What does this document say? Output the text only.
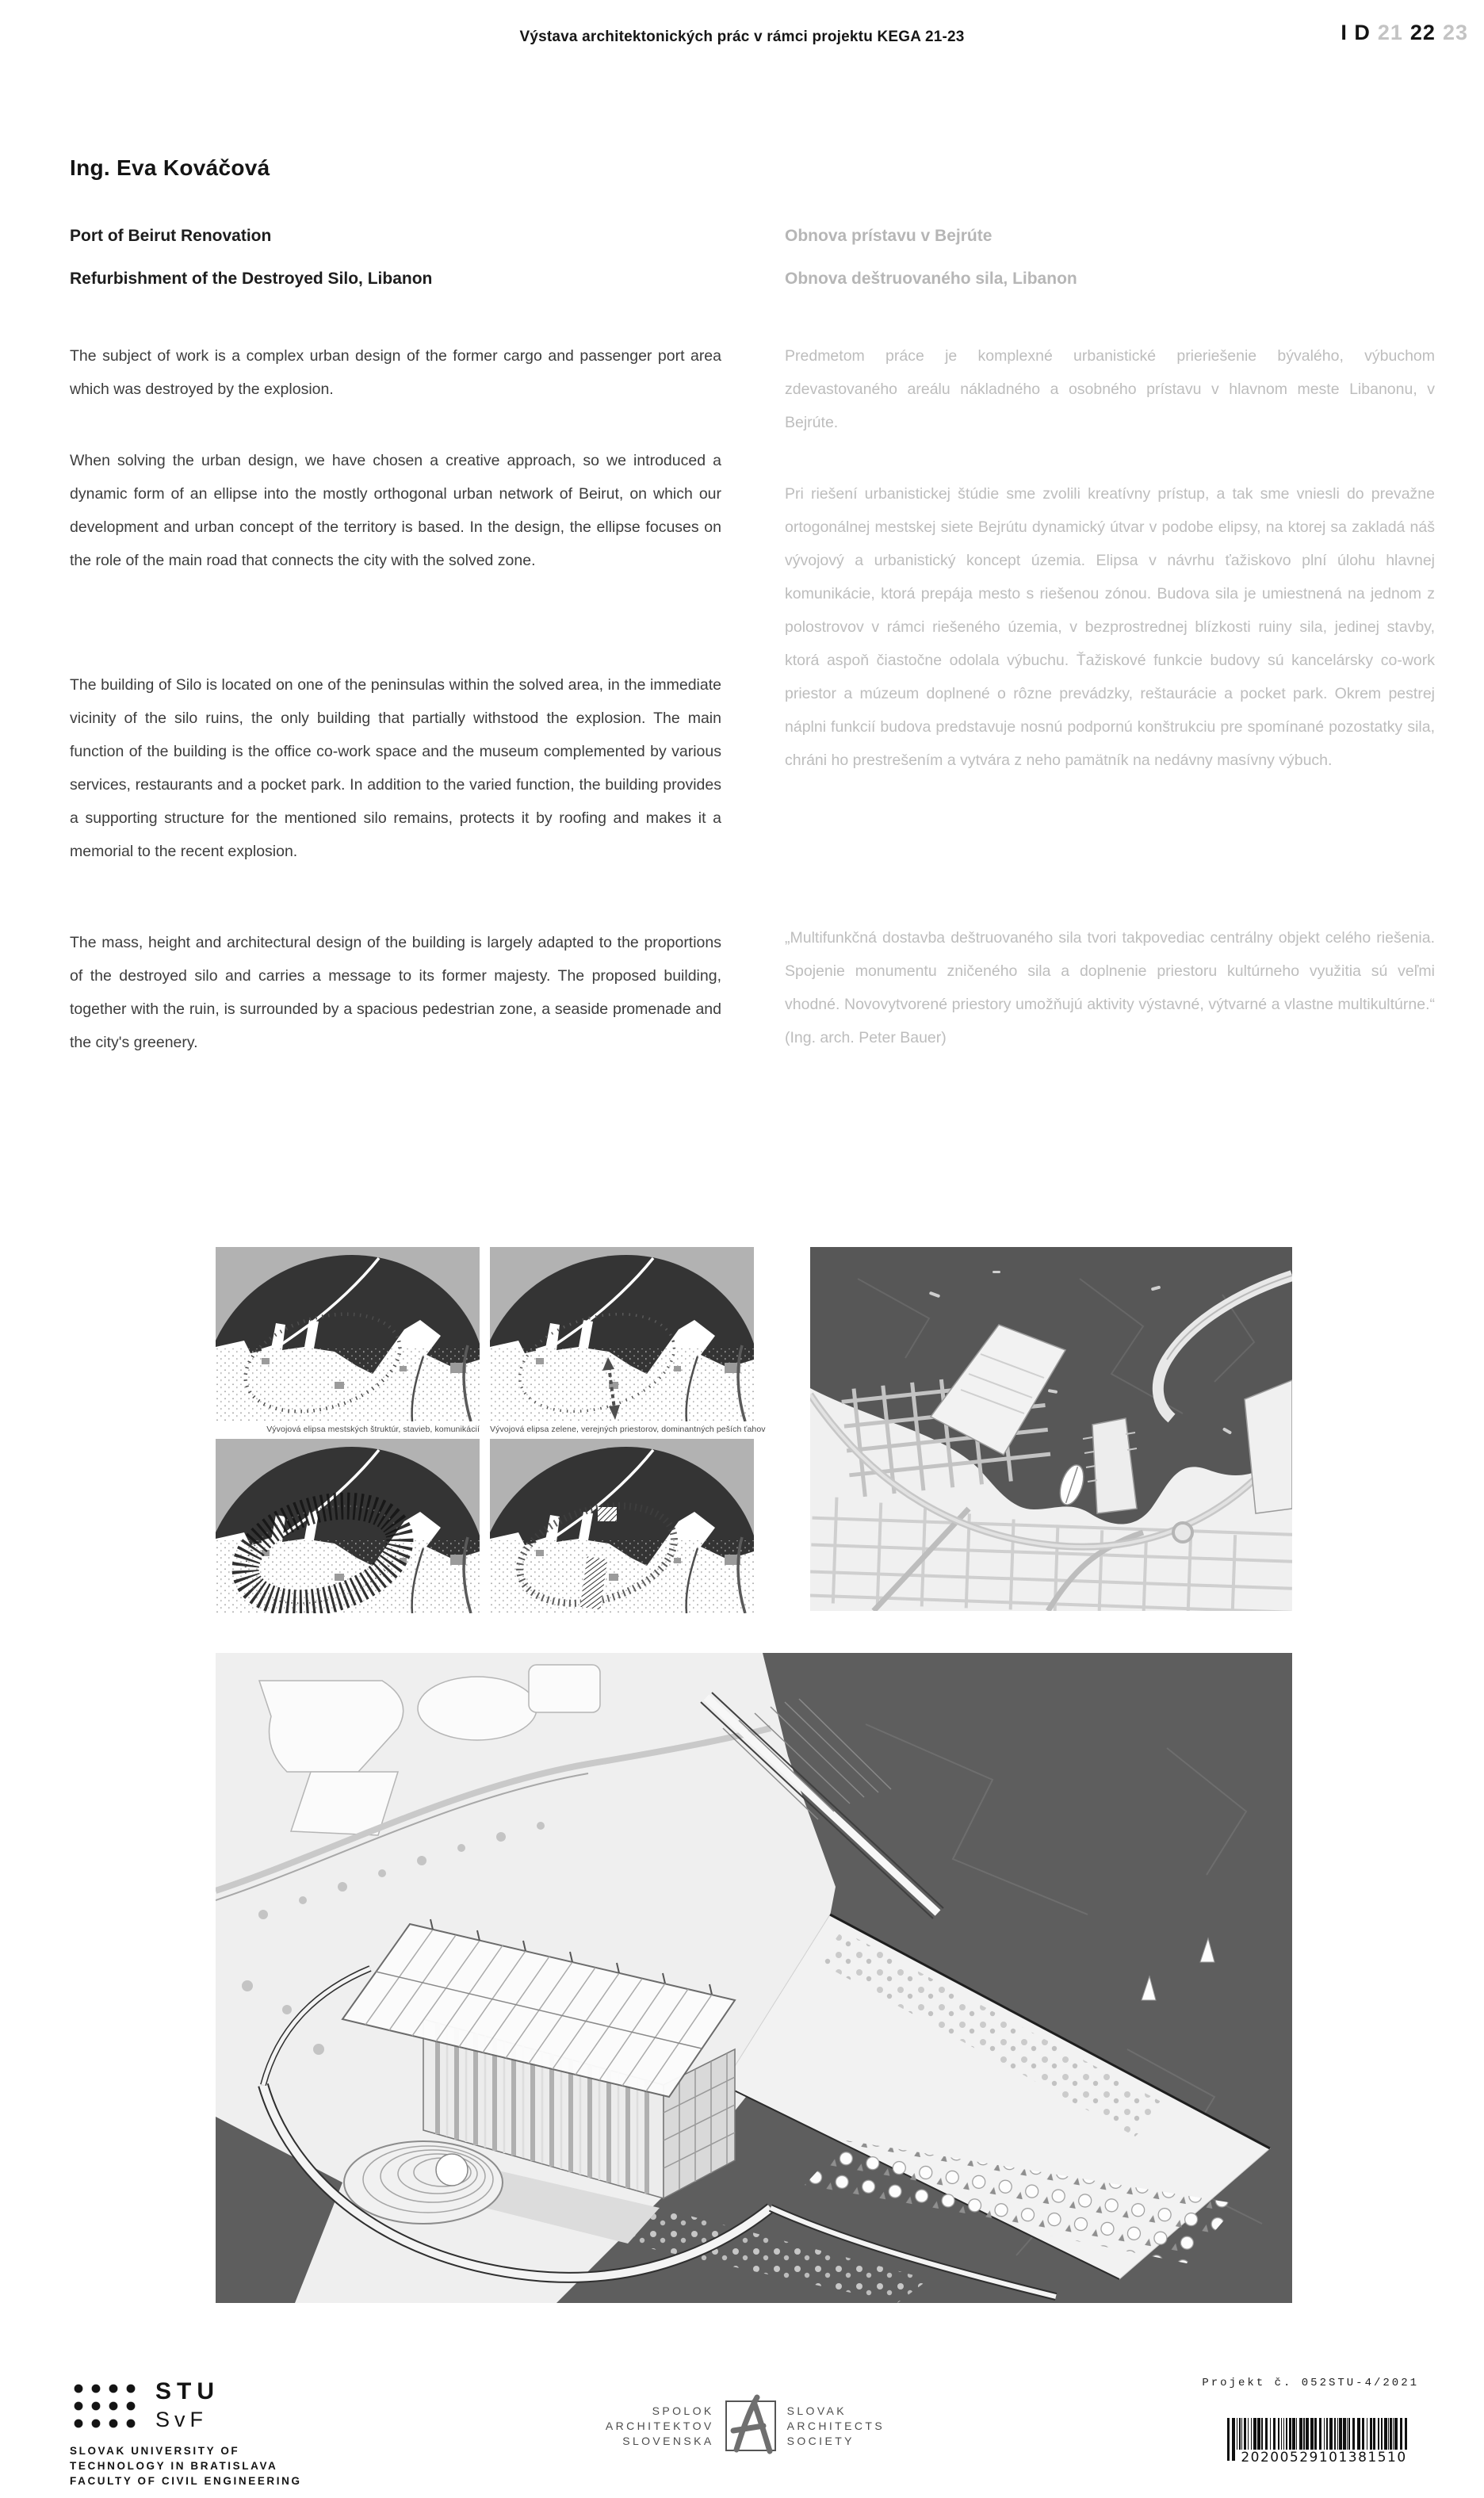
Výstava architektonických prác v rámci projektu KEGA 21-23	I D 21 22 23
Ing. Eva Kováčová
Port of Beirut Renovation
Refurbishment of the Destroyed Silo, Libanon
Obnova prístavu v Bejrúte
Obnova deštruovaného sila, Libanon

The subject of work is a complex urban design of the former cargo and passenger port area which was destroyed by the explosion.

When solving the urban design, we have chosen a creative approach, so we introduced a dynamic form of an ellipse into the mostly orthogonal urban network of Beirut, on which our development and urban concept of the territory is based. In the design, the ellipse focuses on the role of the main road that connects the city with the solved zone.

The building of Silo is located on one of the peninsulas within the solved area, in the immediate vicinity of the silo ruins, the only building that partially withstood the explosion. The main function of the building is the office co-work space and the museum complemented by various services, restaurants and a pocket park. In addition to the varied function, the building provides a supporting structure for the mentioned silo remains, protects it by roofing and makes it a memorial to the recent explosion.

The mass, height and architectural design of the building is largely adapted to the proportions of the destroyed silo and carries a message to its former majesty. The proposed building, together with the ruin, is surrounded by a spacious pedestrian zone, a seaside promenade and the city's greenery.

Predmetom práce je komplexné urbanistické prieriešenie bývalého, výbuchom zdevastovaného areálu nákladného a osobného prístavu v hlavnom meste Libanonu, v Bejrúte.

Pri riešení urbanistickej štúdie sme zvolili kreatívny prístup, a tak sme vniesli do prevažne ortogonálnej mestskej siete Bejrútu dynamický útvar v podobe elipsy, na ktorej sa zakladá náš vývojový a urbanistický koncept územia. Elipsa v návrhu ťažiskovo plní úlohu hlavnej komunikácie, ktorá prepája mesto s riešenou zónou. Budova sila je umiestnená na jednom z polostrovov v rámci riešeného územia, v bezprostrednej blízkosti ruiny sila, jedinej stavby, ktorá aspoň čiastočne odolala výbuchu. Ťažiskové funkcie budovy sú kancelársky co-work priestor a múzeum doplnené o rôzne prevádzky, reštaurácie a pocket park. Okrem pestrej náplni funkcií budova predstavuje nosnú podpornú konštrukciu pre spomínané pozostatky sila, chráni ho prestrešením a vytvára z neho pamätník na nedávny masívny výbuch.

„Multifunkčná dostavba deštruovaného sila tvori takpovediac centrálny objekt celého riešenia. Spojenie monumentu zničeného sila a doplnenie priestoru kultúrneho využitia sú veľmi vhodné. Novovytvorené priestory umožňujú aktivity výstavné, výtvarné a vlastne multikultúrne.“ (Ing. arch. Peter Bauer)

Vývojová elipsa mestských štruktúr, stavieb, komunikácií Vývojová elipsa zelene, verejných priestorov, dominantných peších ťahov
STU
SvF
SLOVAK UNIVERSITY OF
TECHNOLOGY IN BRATISLAVA
FACULTY OF CIVIL ENGINEERING
SPOLOK
ARCHITEKTOV
SLOVENSKA
SLOVAK
ARCHITECTS
SOCIETY
Projekt č. 052STU-4/2021
20200529101381510
